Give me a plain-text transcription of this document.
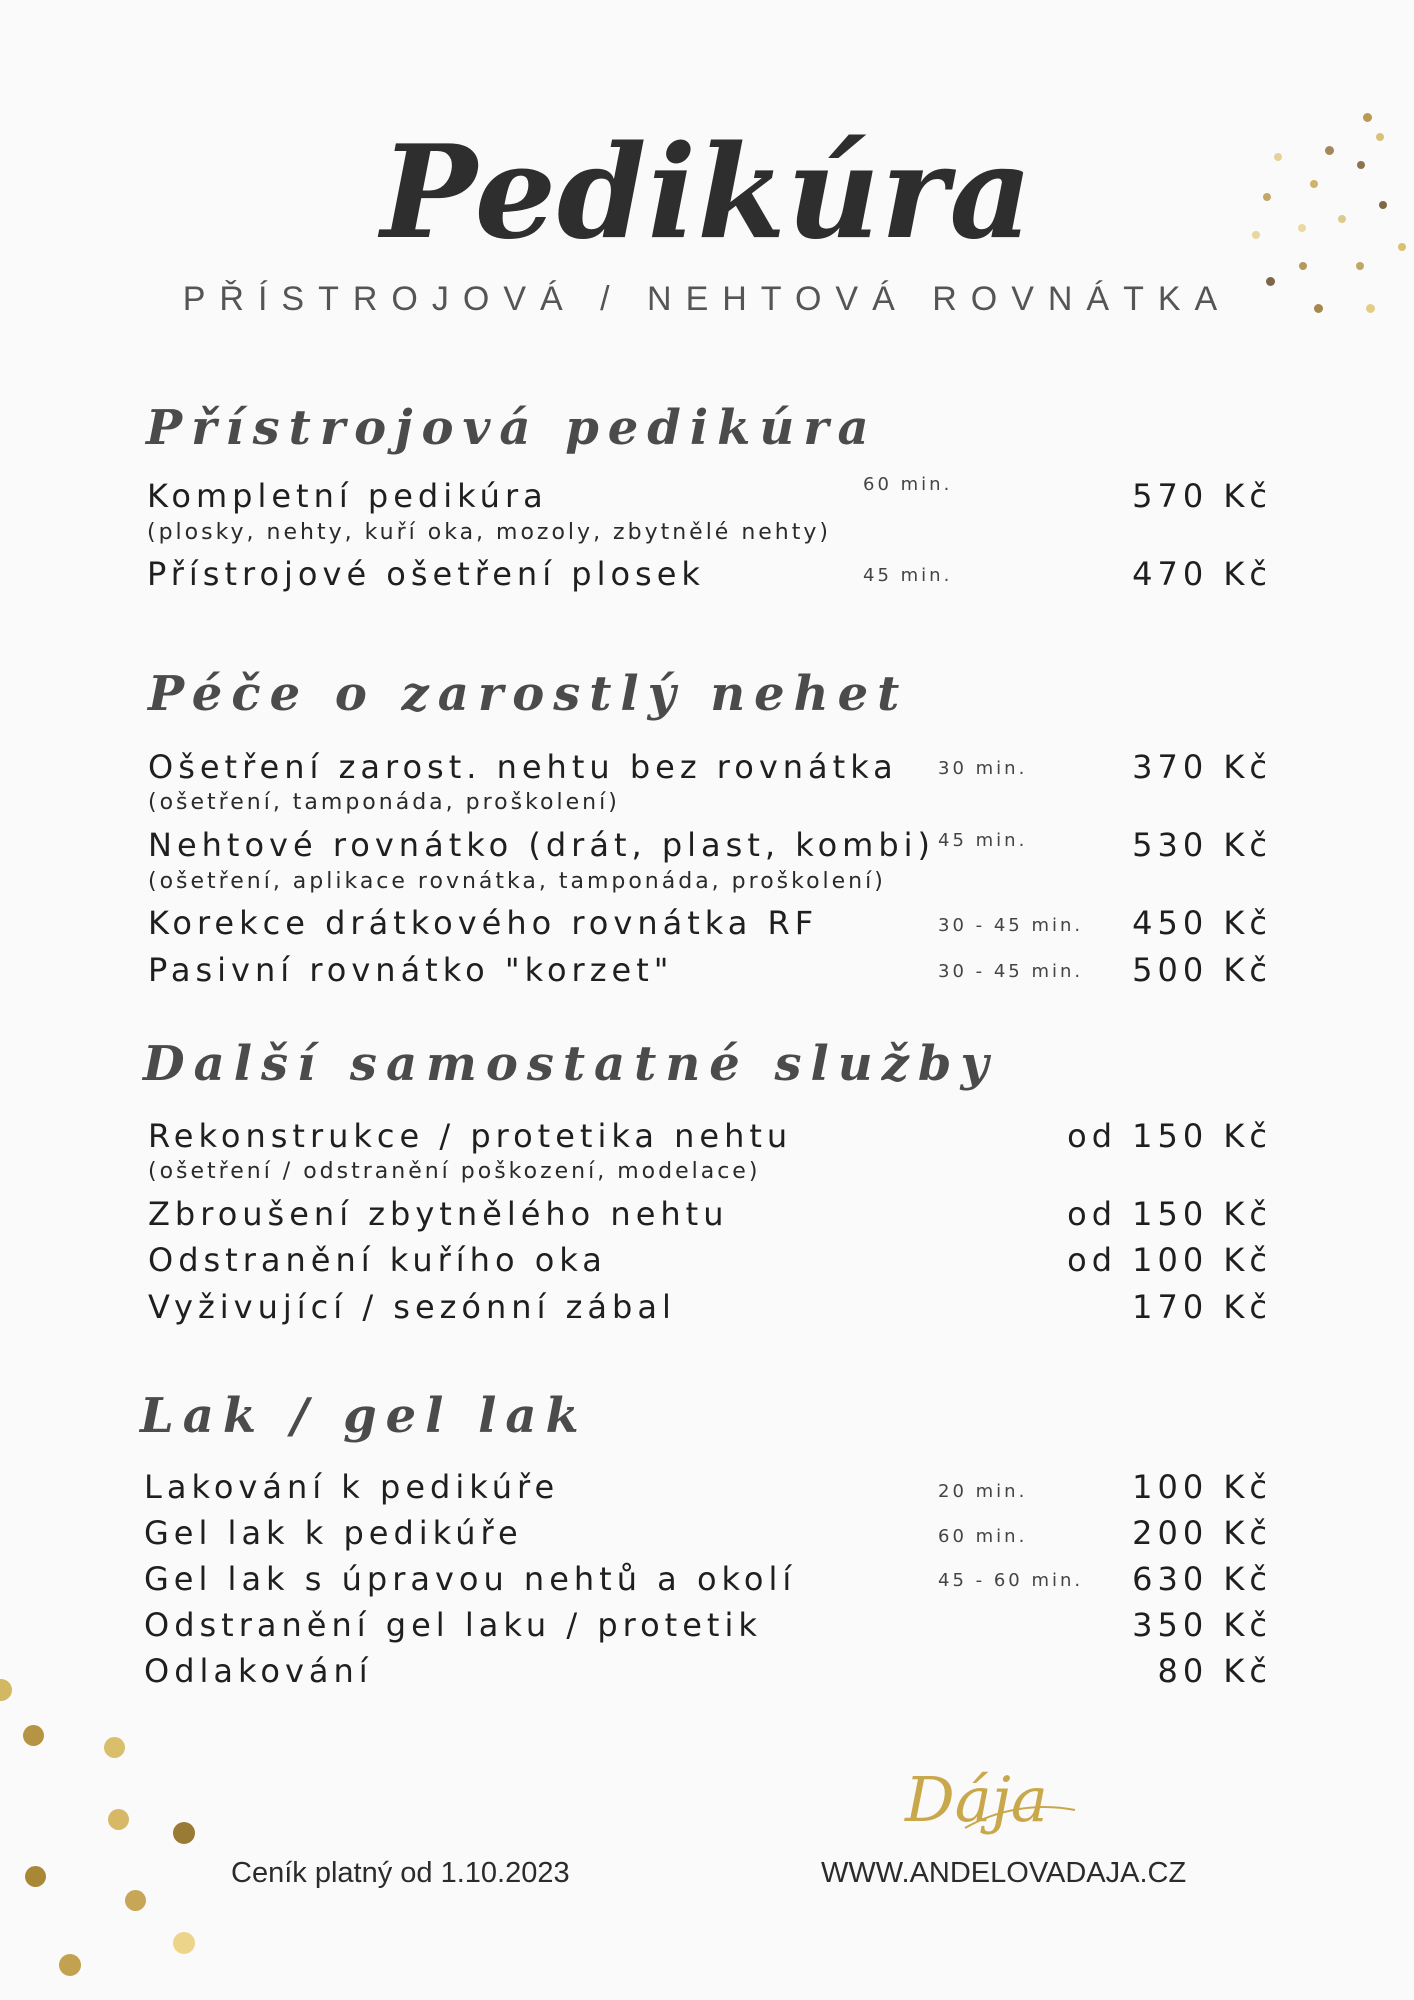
Pedikúra
PŘÍSTROJOVÁ / NEHTOVÁ ROVNÁTKA
Přístrojová pedikúra
Kompletní pedikúra	60 min.	570 Kč
(plosky, nehty, kuří oka, mozoly, zbytnělé nehty)
Přístrojové ošetření plosek	45 min.	470 Kč
Péče o zarostlý nehet
Ošetření zarost. nehtu bez rovnátka 30 min.	370 Kč
(ošetření, tamponáda, proškolení)
Nehtové rovnátko (drát, plast, kombi) 45 min.	530 Kč
(ošetření, aplikace rovnátka, tamponáda, proškolení)
Korekce drátkového rovnátka RF	30 - 45 min.	450 Kč
Pasivní rovnátko "korzet"	30 - 45 min.	500 Kč
Další samostatné služby
Rekonstrukce / protetika nehtu	od 150 Kč
(ošetření / odstranění poškození, modelace)
Zbroušení zbytnělého nehtu	od 150 Kč
Odstranění kuřího oka	od 100 Kč
Vyživující / sezónní zábal	170 Kč
Lak / gel lak
Lakování k pedikúře	20 min.	100 Kč
Gel lak k pedikúře	60 min.	200 Kč
Gel lak s úpravou nehtů a okolí	45 - 60 min.	630 Kč
Odstranění gel laku / protetik	350 Kč
Odlakování	80 Kč
Dája
Ceník platný od 1.10.2023	WWW.ANDELOVADAJA.CZ
